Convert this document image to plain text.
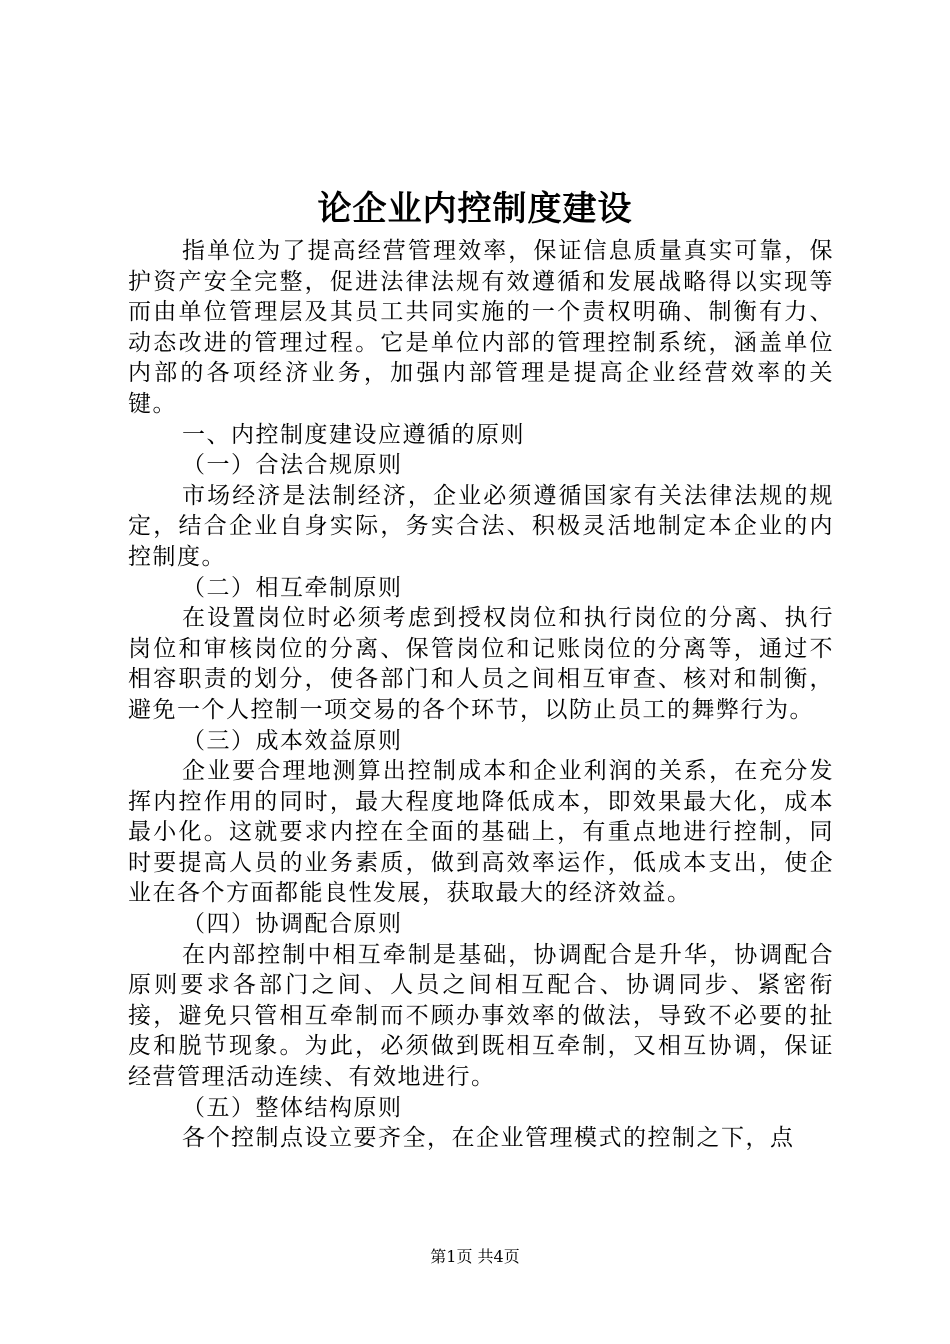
论企业内控制度建设

指单位为了提高经营管理效率，保证信息质量真实可靠，保护资产安全完整，促进法律法规有效遵循和发展战略得以实现等而由单位管理层及其员工共同实施的一个责权明确、制衡有力、动态改进的管理过程。它是单位内部的管理控制系统，涵盖单位内部的各项经济业务，加强内部管理是提高企业经营效率的关键。

一、内控制度建设应遵循的原则

（一）合法合规原则

市场经济是法制经济，企业必须遵循国家有关法律法规的规定，结合企业自身实际，务实合法、积极灵活地制定本企业的内控制度。

（二）相互牵制原则

在设置岗位时必须考虑到授权岗位和执行岗位的分离、执行岗位和审核岗位的分离、保管岗位和记账岗位的分离等，通过不相容职责的划分，使各部门和人员之间相互审查、核对和制衡，避免一个人控制一项交易的各个环节，以防止员工的舞弊行为。

（三）成本效益原则

企业要合理地测算出控制成本和企业利润的关系，在充分发挥内控作用的同时，最大程度地降低成本，即效果最大化，成本最小化。这就要求内控在全面的基础上，有重点地进行控制，同时要提高人员的业务素质，做到高效率运作，低成本支出，使企业在各个方面都能良性发展，获取最大的经济效益。

（四）协调配合原则

在内部控制中相互牵制是基础，协调配合是升华，协调配合原则要求各部门之间、人员之间相互配合、协调同步、紧密衔接，避免只管相互牵制而不顾办事效率的做法，导致不必要的扯皮和脱节现象。为此，必须做到既相互牵制，又相互协调，保证经营管理活动连续、有效地进行。

（五）整体结构原则

各个控制点设立要齐全，在企业管理模式的控制之下，点

第1页 共4页
